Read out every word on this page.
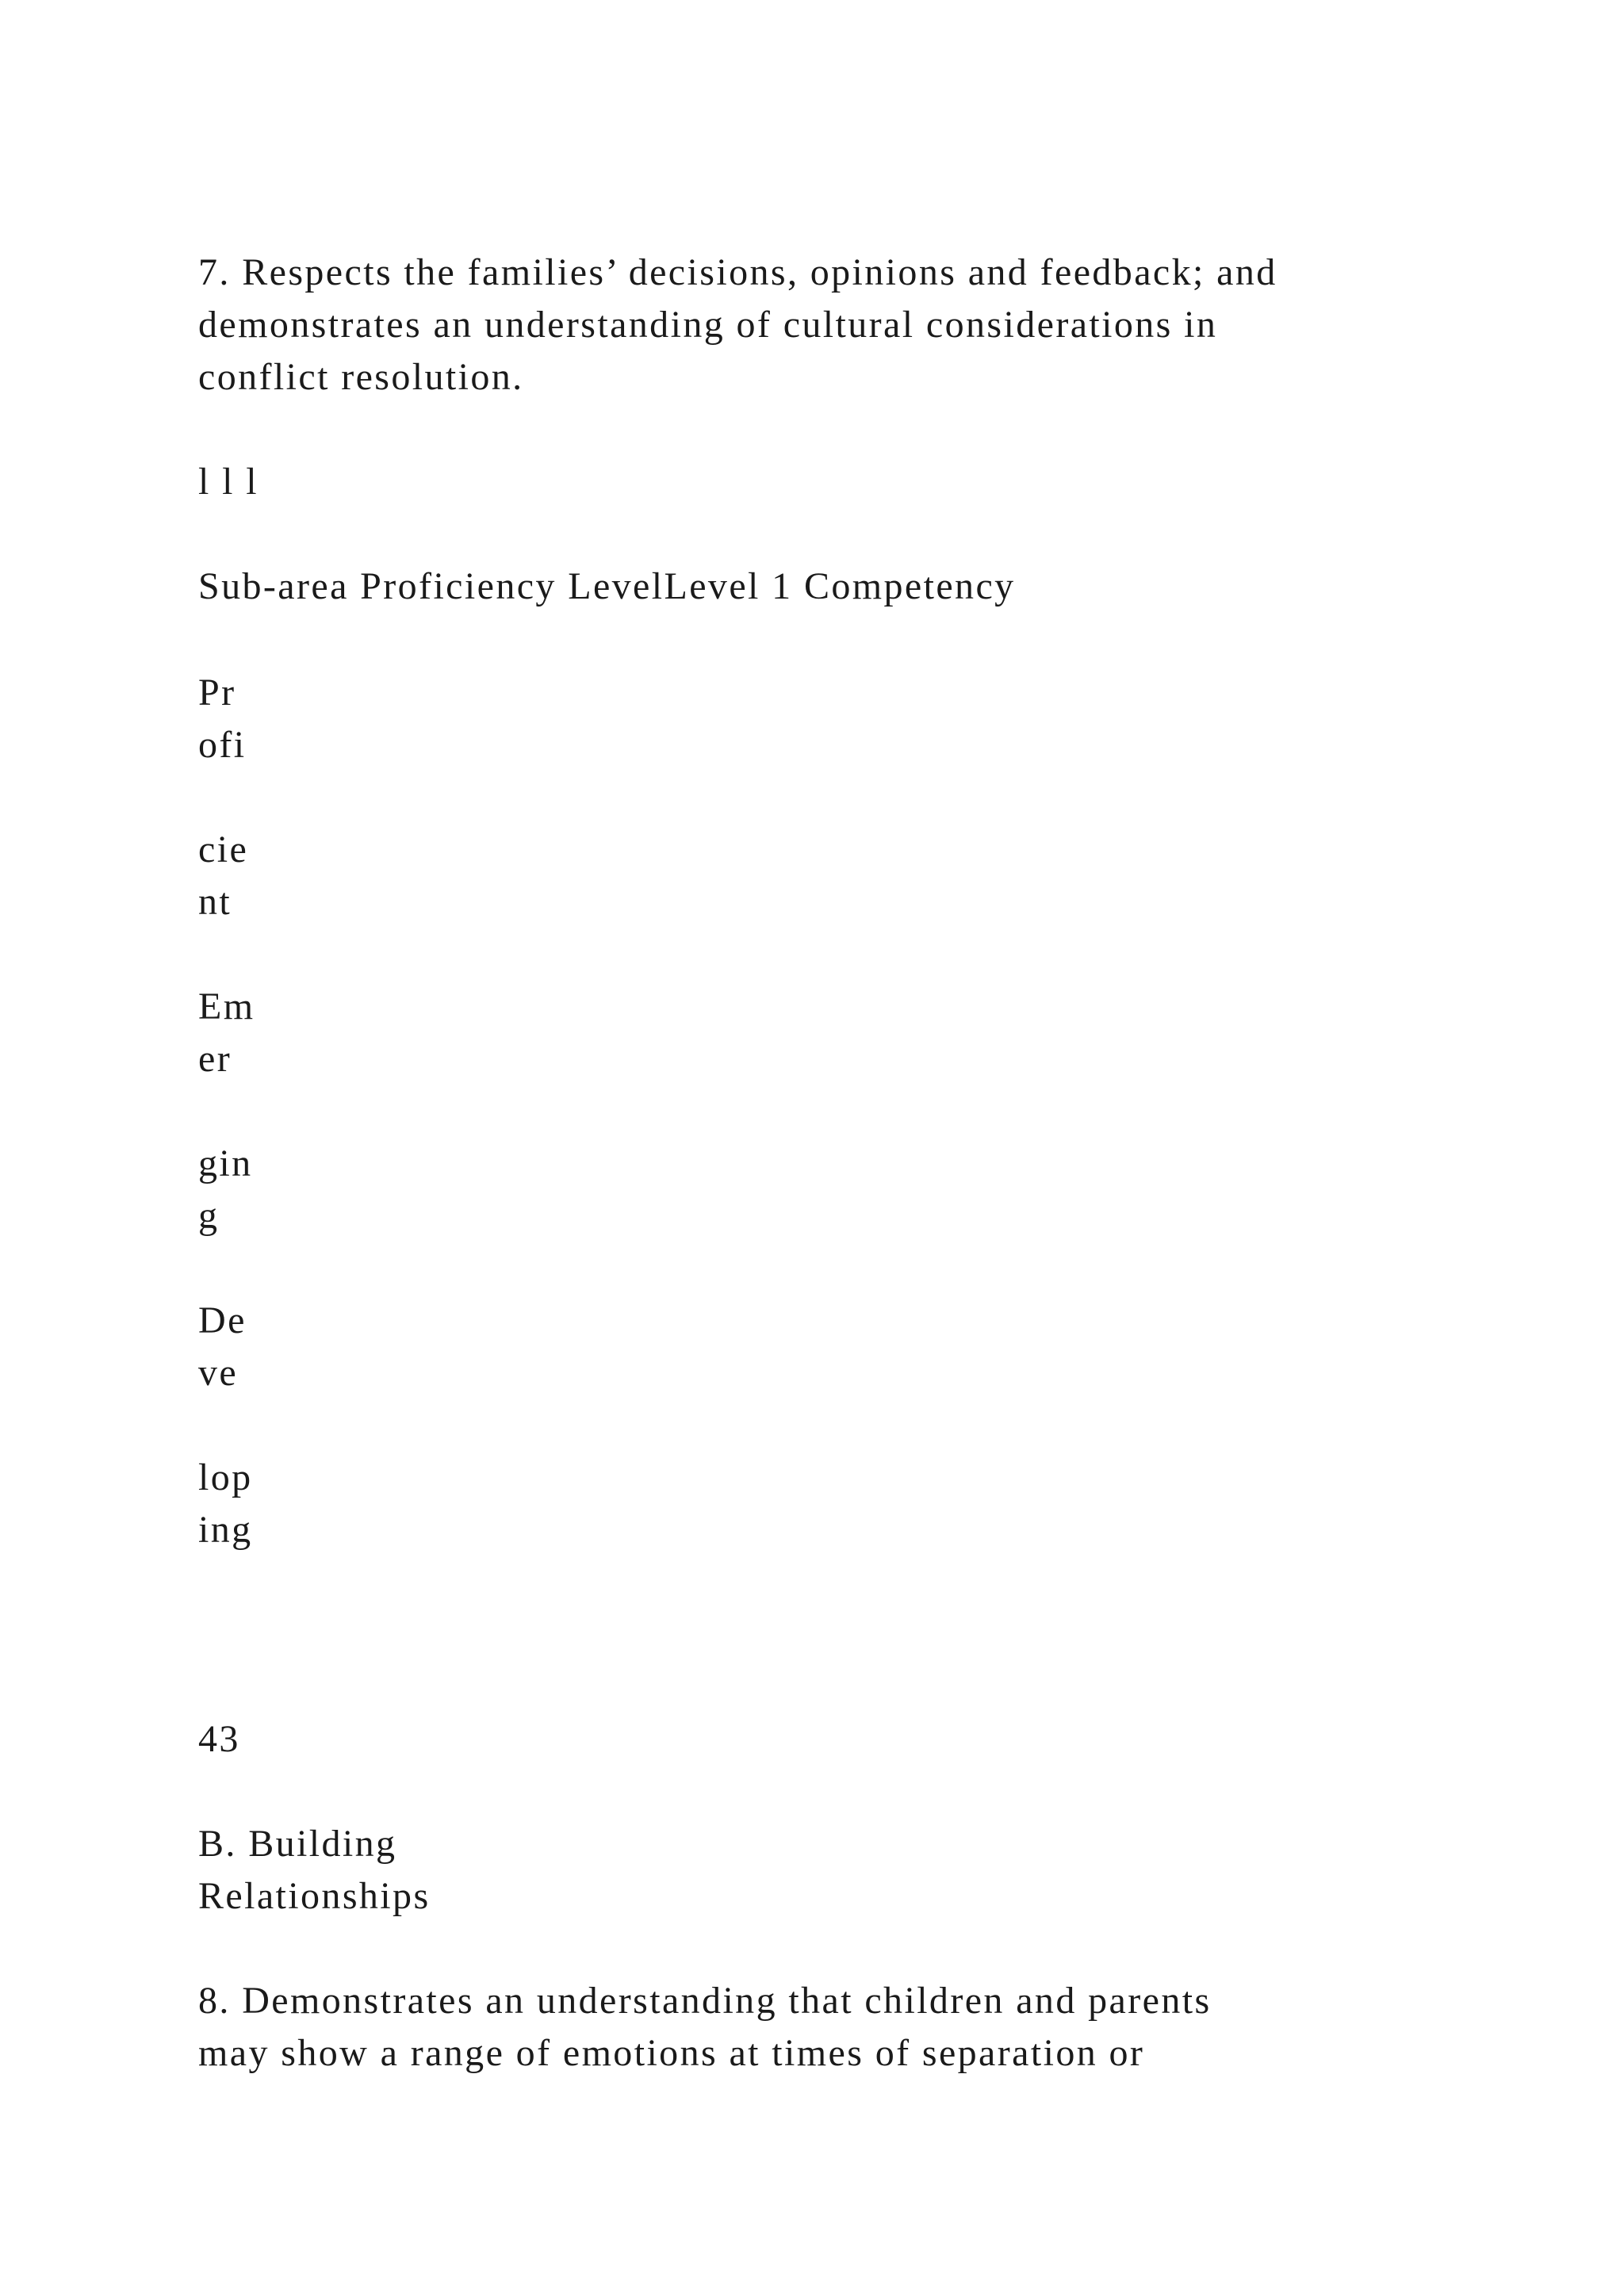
7. Respects the families’ decisions, opinions and feedback; and
demonstrates an understanding of cultural considerations in
conflict resolution.
l l l
Sub-area Proficiency LevelLevel 1 Competency
Pr
ofi
cie
nt
Em
er
gin
g
De
ve
lop
ing
43
B. Building
Relationships
8. Demonstrates an understanding that children and parents
may show a range of emotions at times of separation or
